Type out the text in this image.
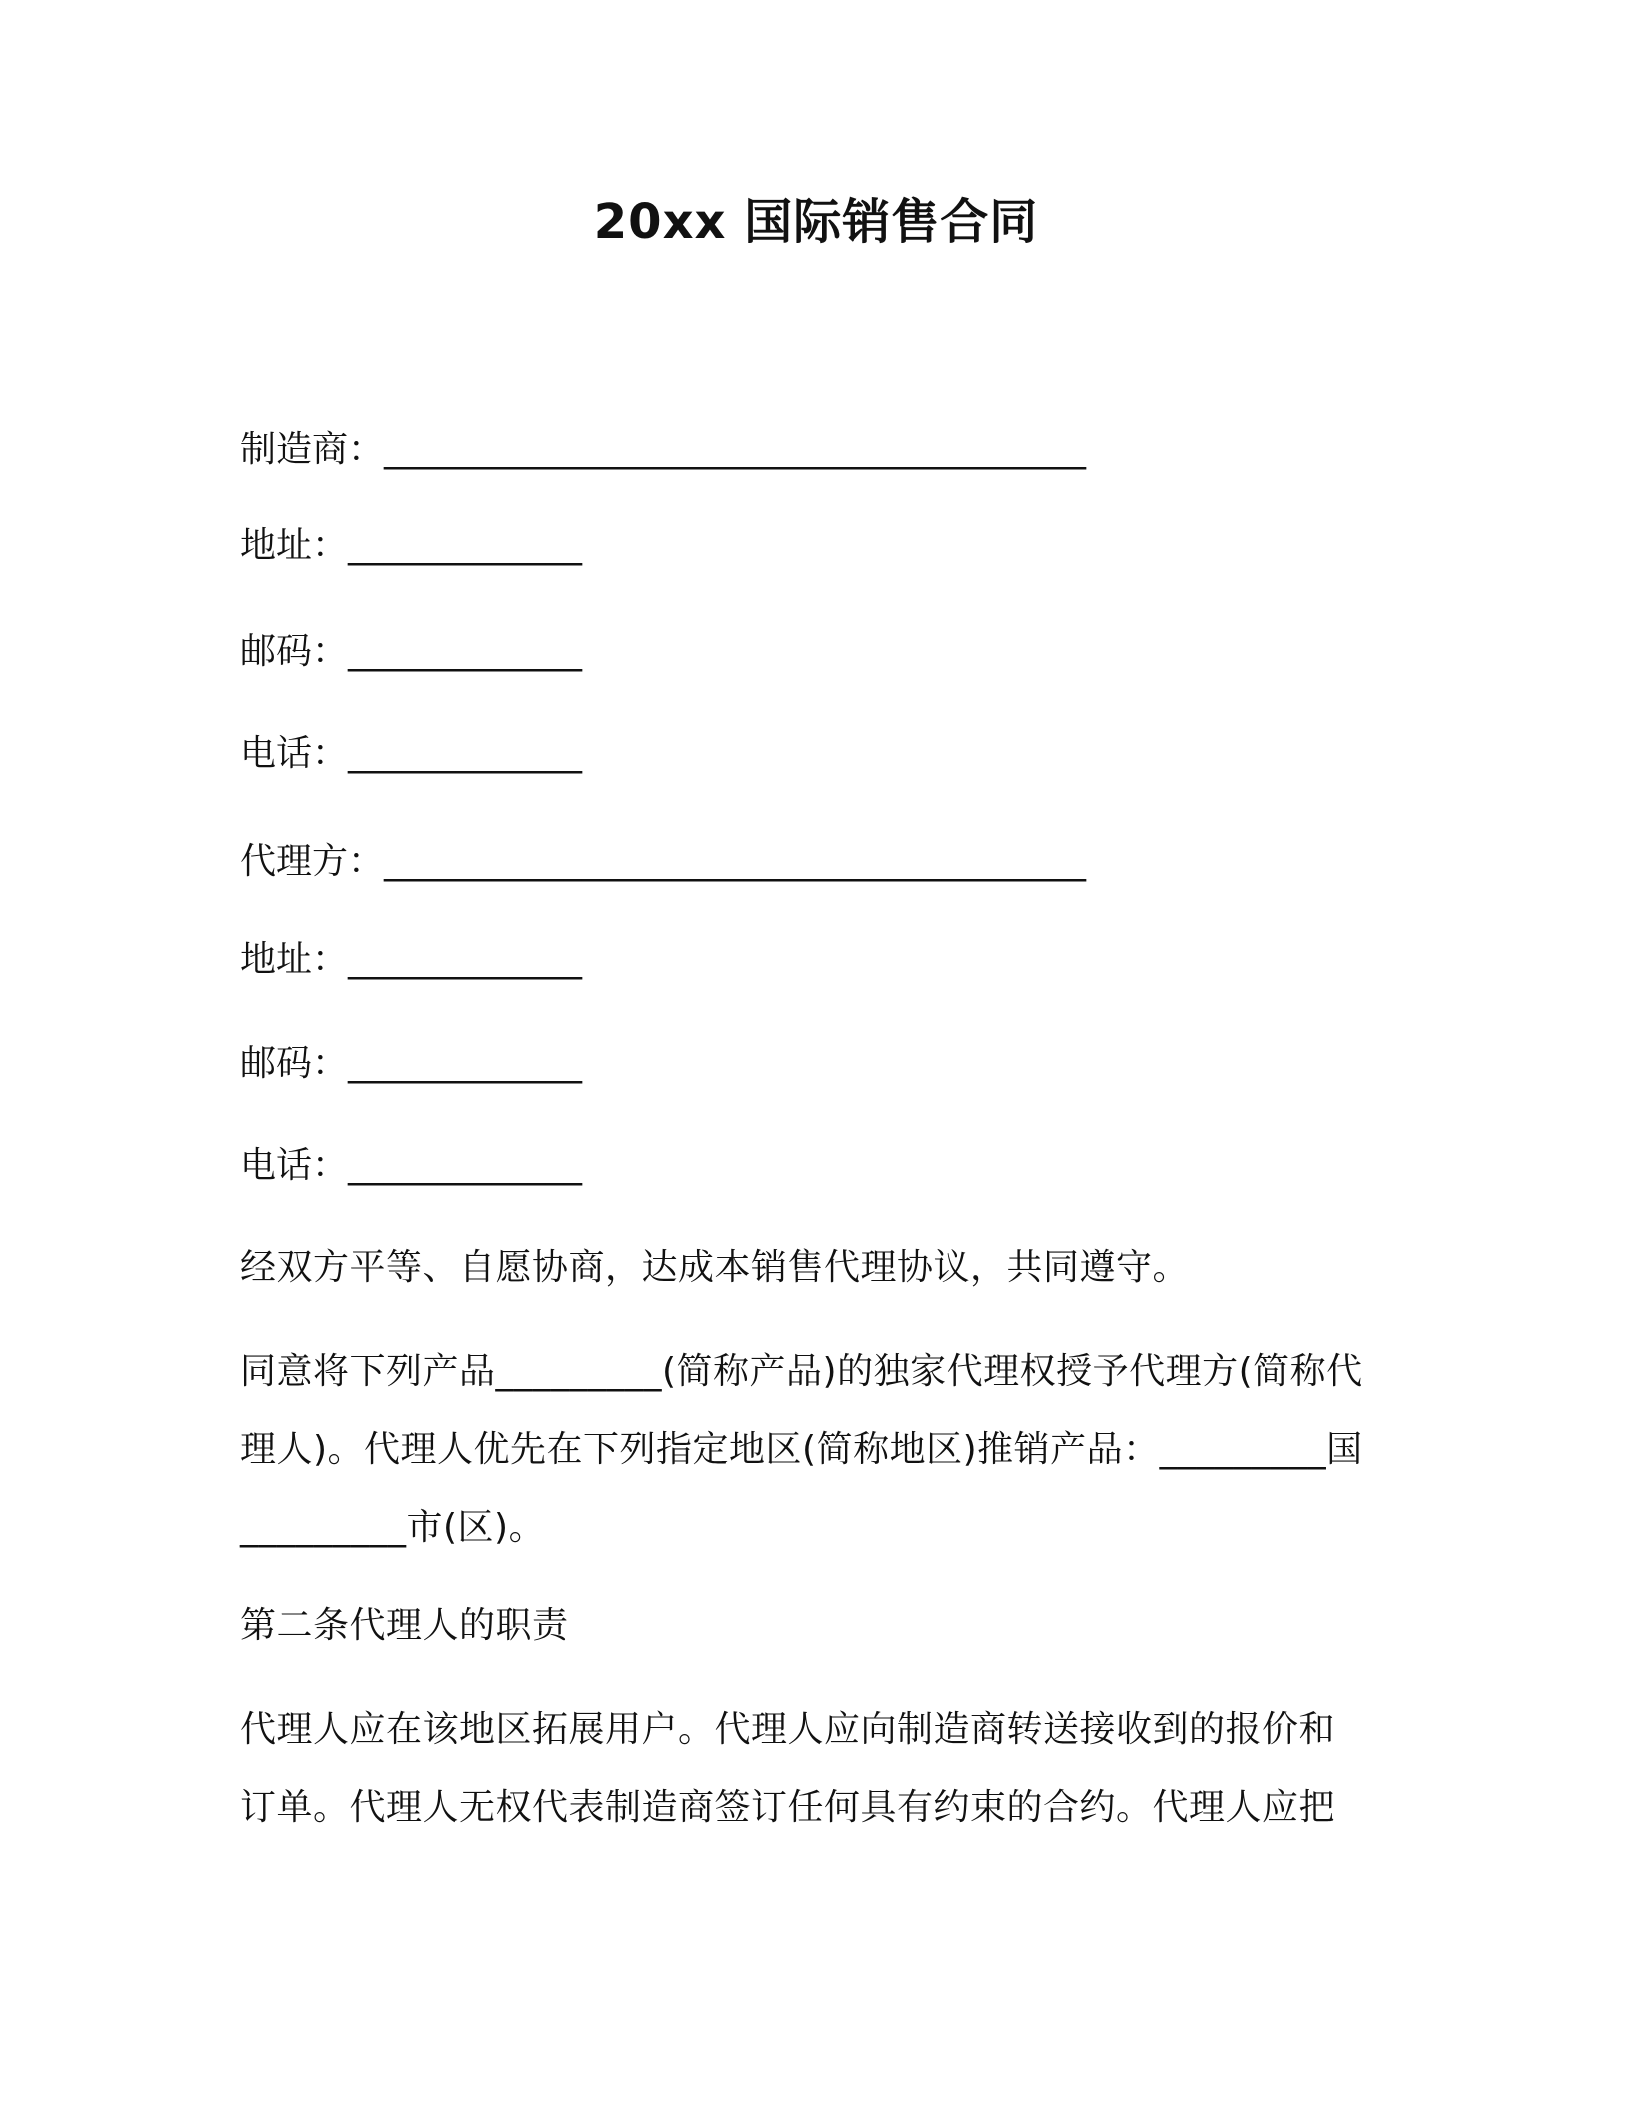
20xx 国际销售合同
制造商：_______________________________________
地址：_____________
邮码：_____________
电话：_____________
代理方：_______________________________________
地址：_____________
邮码：_____________
电话：_____________
经双方平等、自愿协商，达成本销售代理协议，共同遵守。
同意将下列产品_________(简称产品)的独家代理权授予代理方(简称代
理人)。代理人优先在下列指定地区(简称地区)推销产品：_________国
_________市(区)。
第二条代理人的职责
代理人应在该地区拓展用户。代理人应向制造商转送接收到的报价和
订单。代理人无权代表制造商签订任何具有约束的合约。代理人应把
